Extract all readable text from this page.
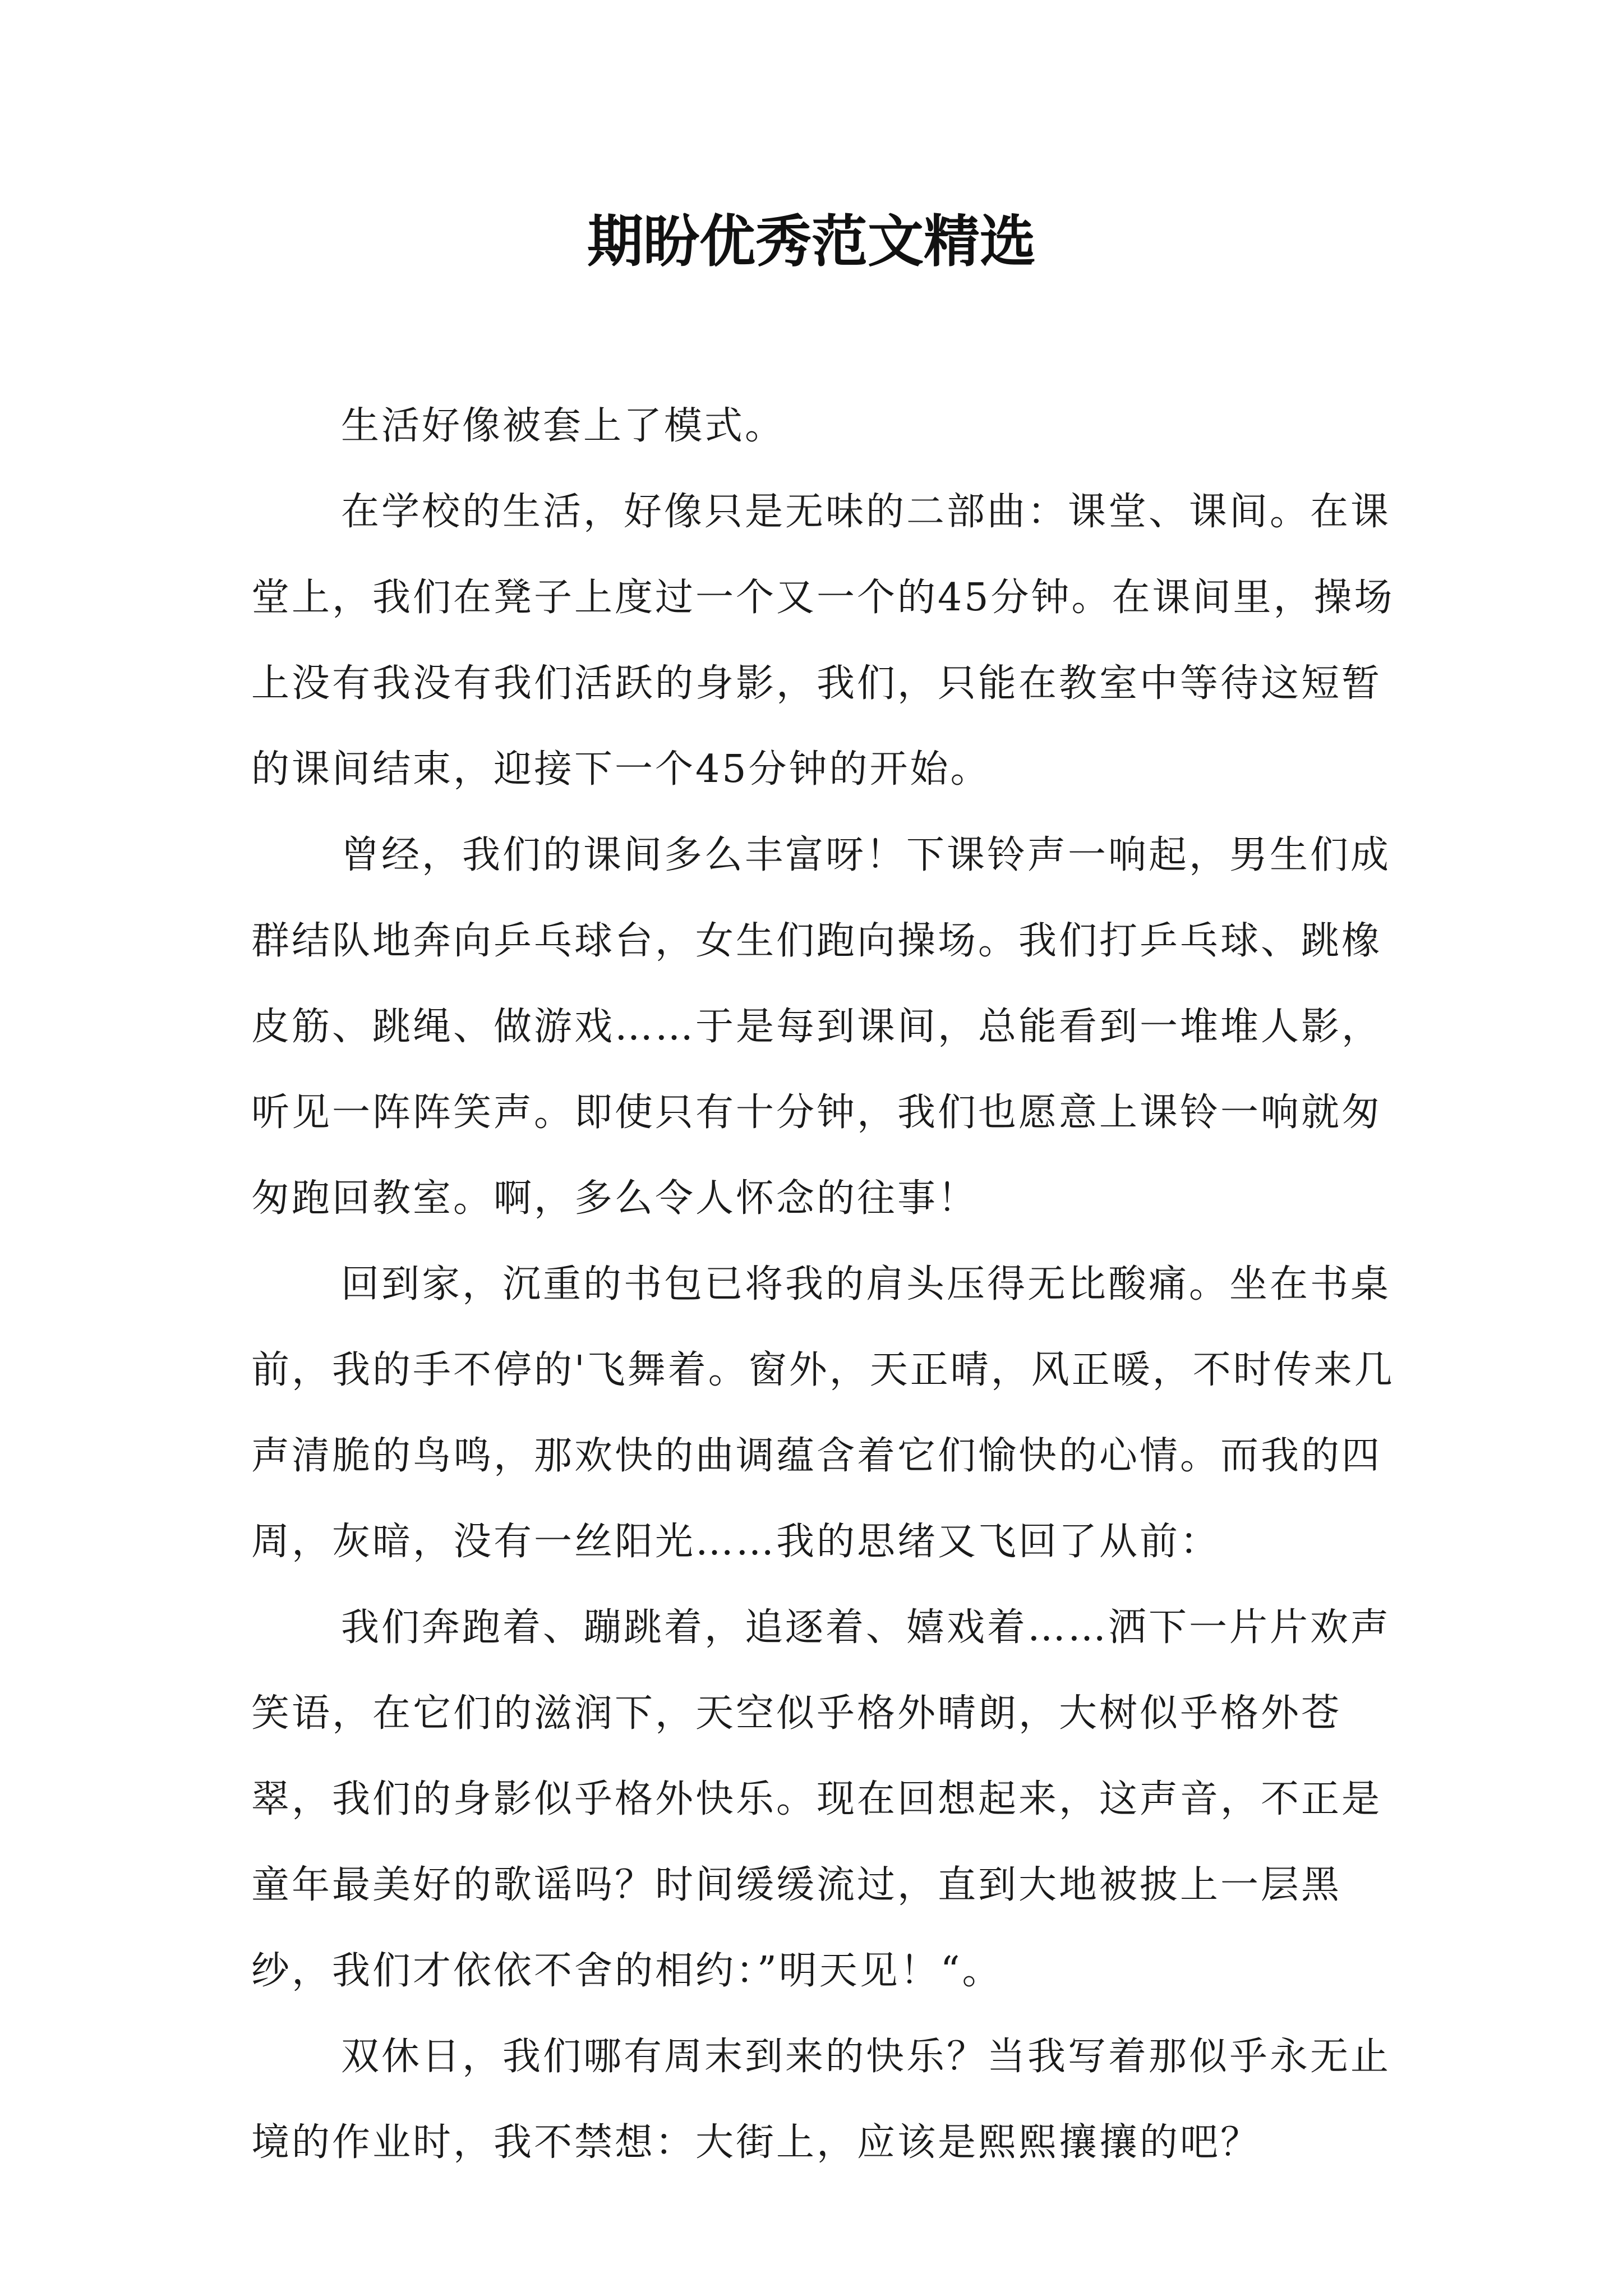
期盼优秀范文精选

生活好像被套上了模式。

在学校的生活，好像只是无味的二部曲：课堂、课间。在课堂上，我们在凳子上度过一个又一个的45分钟。在课间里，操场上没有我没有我们活跃的身影，我们，只能在教室中等待这短暂的课间结束，迎接下一个45分钟的开始。

曾经，我们的课间多么丰富呀！下课铃声一响起，男生们成群结队地奔向乒乓球台，女生们跑向操场。我们打乒乓球、跳橡皮筋、跳绳、做游戏……于是每到课间，总能看到一堆堆人影，听见一阵阵笑声。即使只有十分钟，我们也愿意上课铃一响就匆匆跑回教室。啊，多么令人怀念的往事！

回到家，沉重的书包已将我的肩头压得无比酸痛。坐在书桌前，我的手不停的'飞舞着。窗外，天正晴，风正暖，不时传来几声清脆的鸟鸣，那欢快的曲调蕴含着它们愉快的心情。而我的四周，灰暗，没有一丝阳光……我的思绪又飞回了从前：

我们奔跑着、蹦跳着，追逐着、嬉戏着……洒下一片片欢声笑语，在它们的滋润下，天空似乎格外晴朗，大树似乎格外苍翠，我们的身影似乎格外快乐。现在回想起来，这声音，不正是童年最美好的歌谣吗？时间缓缓流过，直到大地被披上一层黑纱，我们才依依不舍的相约：”明天见！“。

双休日，我们哪有周末到来的快乐？当我写着那似乎永无止境的作业时，我不禁想：大街上，应该是熙熙攘攘的吧？
